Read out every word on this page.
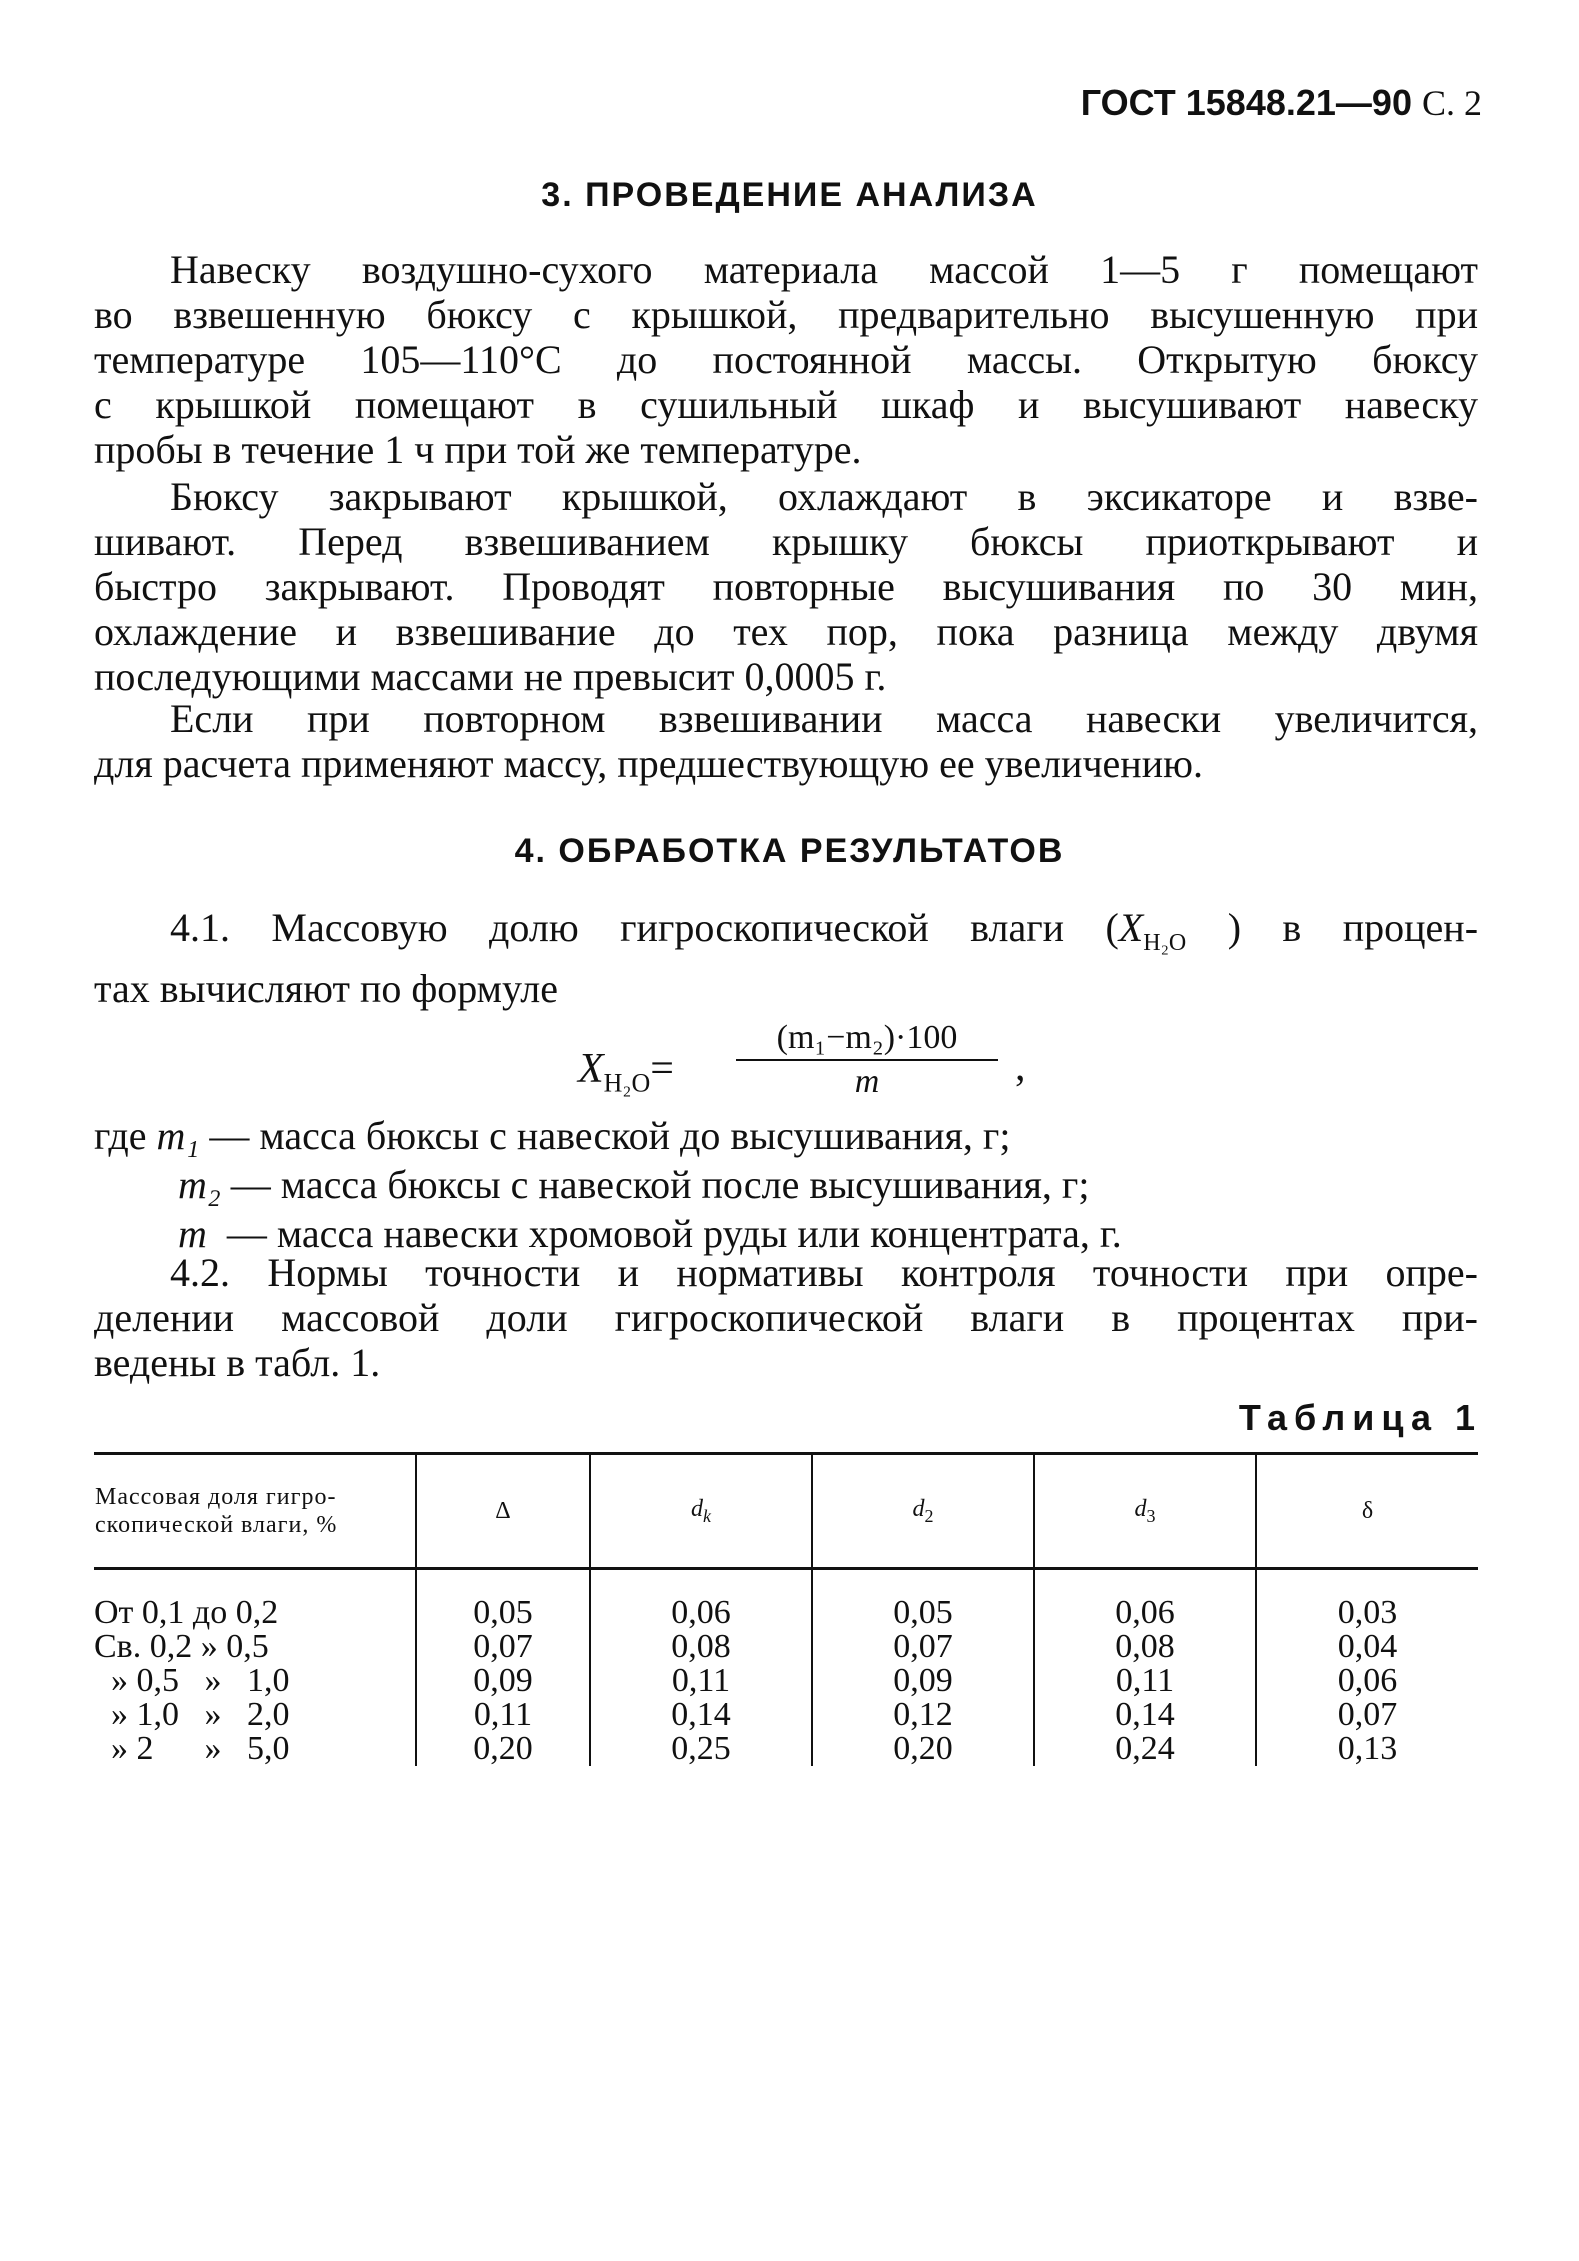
ГОСТ 15848.21—90 С. 2
3. ПРОВЕДЕНИЕ АНАЛИЗА
Навеску воздушно-сухого материала массой 1—5 г помещают
во взвешенную бюксу с крышкой, предварительно высушенную при
температуре 105—110°С до постоянной массы. Открытую бюксу
с крышкой помещают в сушильный шкаф и высушивают навеску
пробы в течение 1 ч при той же температуре.
Бюксу закрывают крышкой, охлаждают в эксикаторе и взве-
шивают. Перед взвешиванием крышку бюксы приоткрывают и
быстро закрывают. Проводят повторные высушивания по 30 мин,
охлаждение и взвешивание до тех пор, пока разница между двумя
последующими массами не превысит 0,0005 г.
Если при повторном взвешивании масса навески увеличится,
для расчета применяют массу, предшествующую ее увеличению.
4. ОБРАБОТКА РЕЗУЛЬТАТОВ
4.1. Массовую долю гигроскопической влаги ($X_{H_2O}$ ) в процен-
тах вычисляют по формуле
$X_{H_2O}=$
(m₁−m₂)·100
m	,
где m₁ — масса бюксы с навеской до высушивания, г;
m₂ — масса бюксы с навеской после высушивания, г;
m  — масса навески хромовой руды или концентрата, г.
4.2. Нормы точности и нормативы контроля точности при опре-
делении массовой доли гигроскопической влаги в процентах при-
ведены в табл. 1.
Таблица 1
Массовая доля гигро-
скопической влаги, %	Δ	$d_k$	$d_2$	$d_3$	δ

От 0,1 до 0,2	0,05	0,06	0,05	0,06	0,03
Св. 0,2 » 0,5	0,07	0,08	0,07	0,08	0,04
» 0,5   »   1,0	0,09	0,11	0,09	0,11	0,06
» 1,0   »   2,0	0,11	0,14	0,12	0,14	0,07
» 2      »   5,0	0,20	0,25	0,20	0,24	0,13
